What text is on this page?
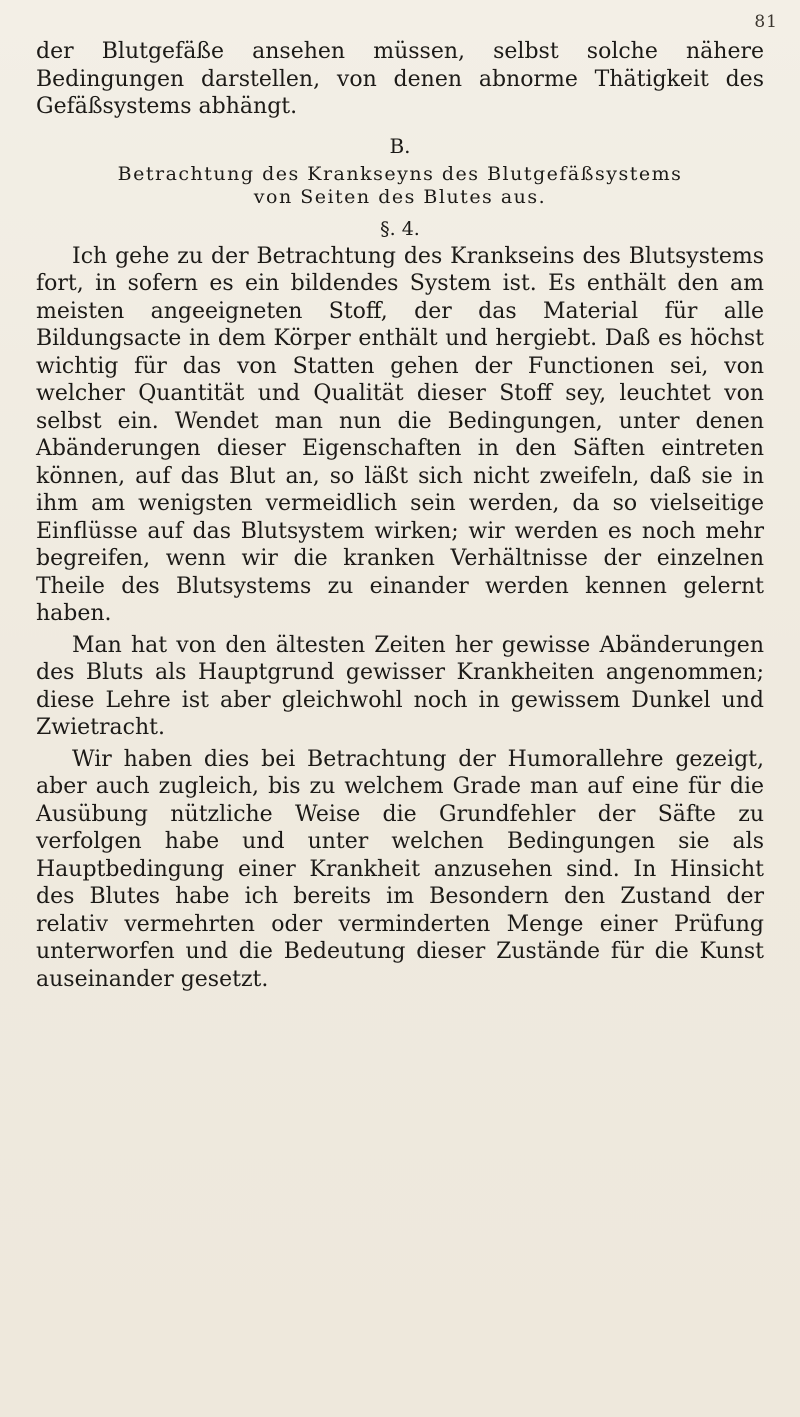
81

der Blutgefäße ansehen müssen, selbst solche nähere Bedingungen darstellen, von denen abnorme Thätigkeit des Gefäßsystems abhängt.

B.

Betrachtung des Krankseyns des Blutgefäßsystems
von Seiten des Blutes aus.

§. 4.

Ich gehe zu der Betrachtung des Krankseins des Blutsystems fort, in sofern es ein bildendes System ist. Es enthält den am meisten angeeigneten Stoff, der das Material für alle Bildungsacte in dem Körper enthält und hergiebt. Daß es höchst wichtig für das von Statten gehen der Functionen sei, von welcher Quantität und Qualität dieser Stoff sey, leuchtet von selbst ein. Wendet man nun die Bedingungen, unter denen Abänderungen dieser Eigenschaften in den Säften eintreten können, auf das Blut an, so läßt sich nicht zweifeln, daß sie in ihm am wenigsten vermeidlich sein werden, da so vielseitige Einflüsse auf das Blutsystem wirken; wir werden es noch mehr begreifen, wenn wir die kranken Verhältnisse der einzelnen Theile des Blutsystems zu einander werden kennen gelernt haben.

Man hat von den ältesten Zeiten her gewisse Abänderungen des Bluts als Hauptgrund gewisser Krankheiten angenommen; diese Lehre ist aber gleichwohl noch in gewissem Dunkel und Zwietracht.

Wir haben dies bei Betrachtung der Humorallehre gezeigt, aber auch zugleich, bis zu welchem Grade man auf eine für die Ausübung nützliche Weise die Grundfehler der Säfte zu verfolgen habe und unter welchen Bedingungen sie als Hauptbedingung einer Krankheit anzusehen sind. In Hinsicht des Blutes habe ich bereits im Besondern den Zustand der relativ vermehrten oder verminderten Menge einer Prüfung unterworfen und die Bedeutung dieser Zustände für die Kunst auseinander gesetzt.
